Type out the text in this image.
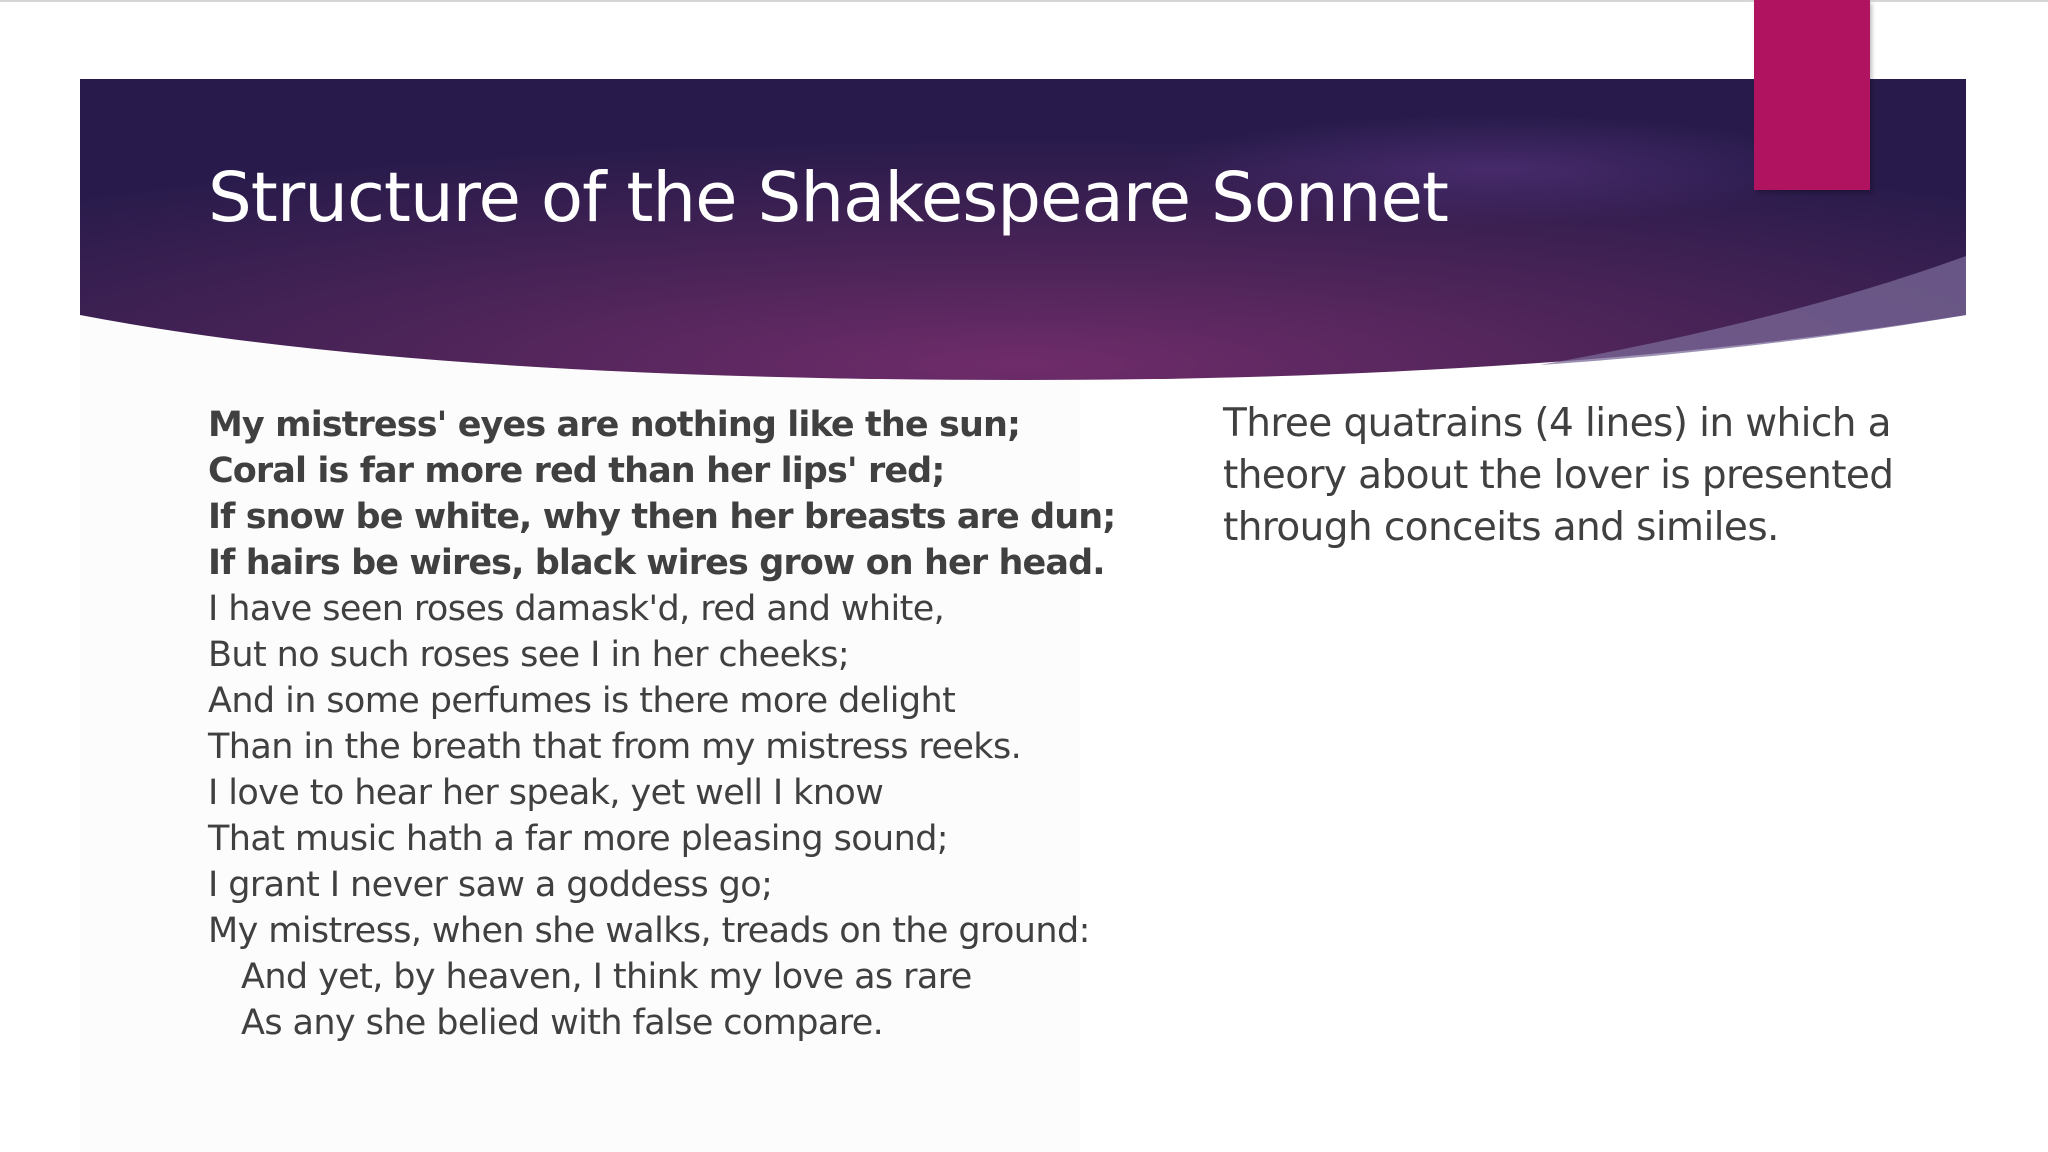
Structure of the Shakespeare Sonnet
My mistress' eyes are nothing like the sun;
Coral is far more red than her lips' red;
If snow be white, why then her breasts are dun;
If hairs be wires, black wires grow on her head.
I have seen roses damask'd, red and white,
But no such roses see I in her cheeks;
And in some perfumes is there more delight
Than in the breath that from my mistress reeks.
I love to hear her speak, yet well I know
That music hath a far more pleasing sound;
I grant I never saw a goddess go;
My mistress, when she walks, treads on the ground:
And yet, by heaven, I think my love as rare
As any she belied with false compare.

Three quatrains (4 lines) in which a theory about the lover is presented through conceits and similes.
